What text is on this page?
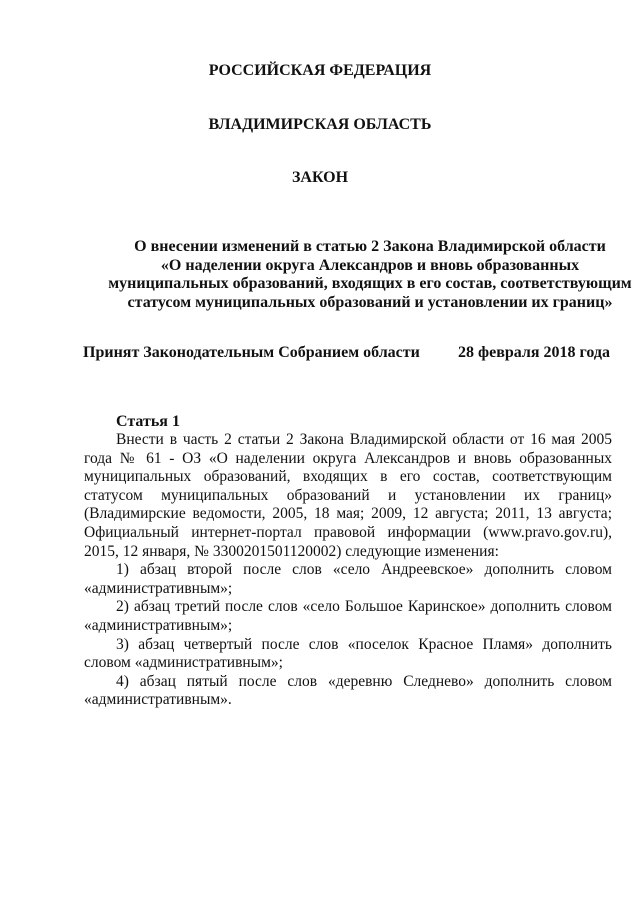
РОССИЙСКАЯ ФЕДЕРАЦИЯ
ВЛАДИМИРСКАЯ ОБЛАСТЬ
ЗАКОН
О внесении изменений в статью 2 Закона Владимирской области
«О наделении округа Александров и вновь образованных
муниципальных образований, входящих в его состав, соответствующим
статусом муниципальных образований и установлении их границ»
Принят Законодательным Собранием области 28 февраля 2018 года
Статья 1

Внести в часть 2 статьи 2 Закона Владимирской области от 16 мая 2005 года № 61 - ОЗ «О наделении округа Александров и вновь образованных муниципальных образований, входящих в его состав, соответствующим статусом муниципальных образований и установлении их границ» (Владимирские ведомости, 2005, 18 мая; 2009, 12 августа; 2011, 13 августа; Официальный интернет-портал правовой информации (www.pravo.gov.ru), 2015, 12 января, № 3300201501120002) следующие изменения:

1) абзац второй после слов «село Андреевское» дополнить словом «административным»;

2) абзац третий после слов «село Большое Каринское» дополнить словом «административным»;

3) абзац четвертый после слов «поселок Красное Пламя» дополнить словом «административным»;

4) абзац пятый после слов «деревню Следнево» дополнить словом «административным».
